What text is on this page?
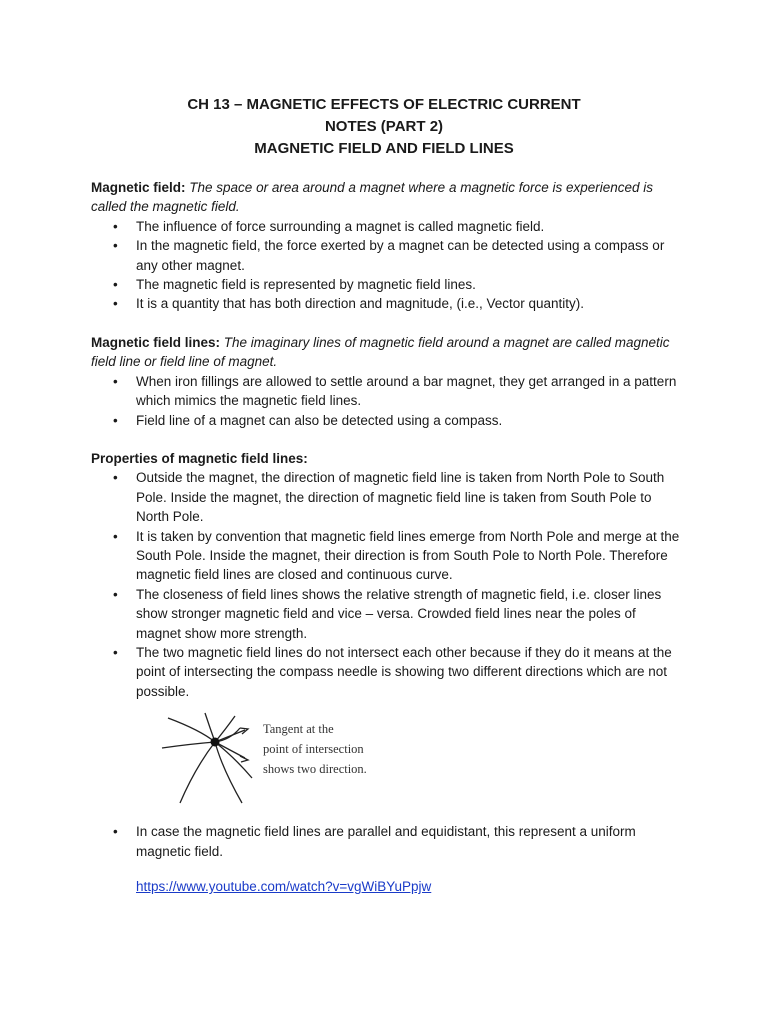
CH 13 – MAGNETIC EFFECTS OF ELECTRIC CURRENT
NOTES (PART 2)
MAGNETIC FIELD AND FIELD LINES

Magnetic field: The space or area around a magnet where a magnetic force is experienced is called the magnetic field.

• The influence of force surrounding a magnet is called magnetic field.
• In the magnetic field, the force exerted by a magnet can be detected using a compass or any other magnet.
• The magnetic field is represented by magnetic field lines.
• It is a quantity that has both direction and magnitude, (i.e., Vector quantity).

Magnetic field lines: The imaginary lines of magnetic field around a magnet are called magnetic field line or field line of magnet.

• When iron fillings are allowed to settle around a bar magnet, they get arranged in a pattern which mimics the magnetic field lines.
• Field line of a magnet can also be detected using a compass.

Properties of magnetic field lines:

• Outside the magnet, the direction of magnetic field line is taken from North Pole to South Pole. Inside the magnet, the direction of magnetic field line is taken from South Pole to North Pole.
• It is taken by convention that magnetic field lines emerge from North Pole and merge at the South Pole. Inside the magnet, their direction is from South Pole to North Pole. Therefore magnetic field lines are closed and continuous curve.
• The closeness of field lines shows the relative strength of magnetic field, i.e. closer lines show stronger magnetic field and vice – versa. Crowded field lines near the poles of magnet show more strength.
• The two magnetic field lines do not intersect each other because if they do it means at the point of intersecting the compass needle is showing two different directions which are not possible.
Tangent at the
point of intersection
shows two direction.
• In case the magnetic field lines are parallel and equidistant, this represent a uniform magnetic field.
https://www.youtube.com/watch?v=vgWiBYuPpjw
